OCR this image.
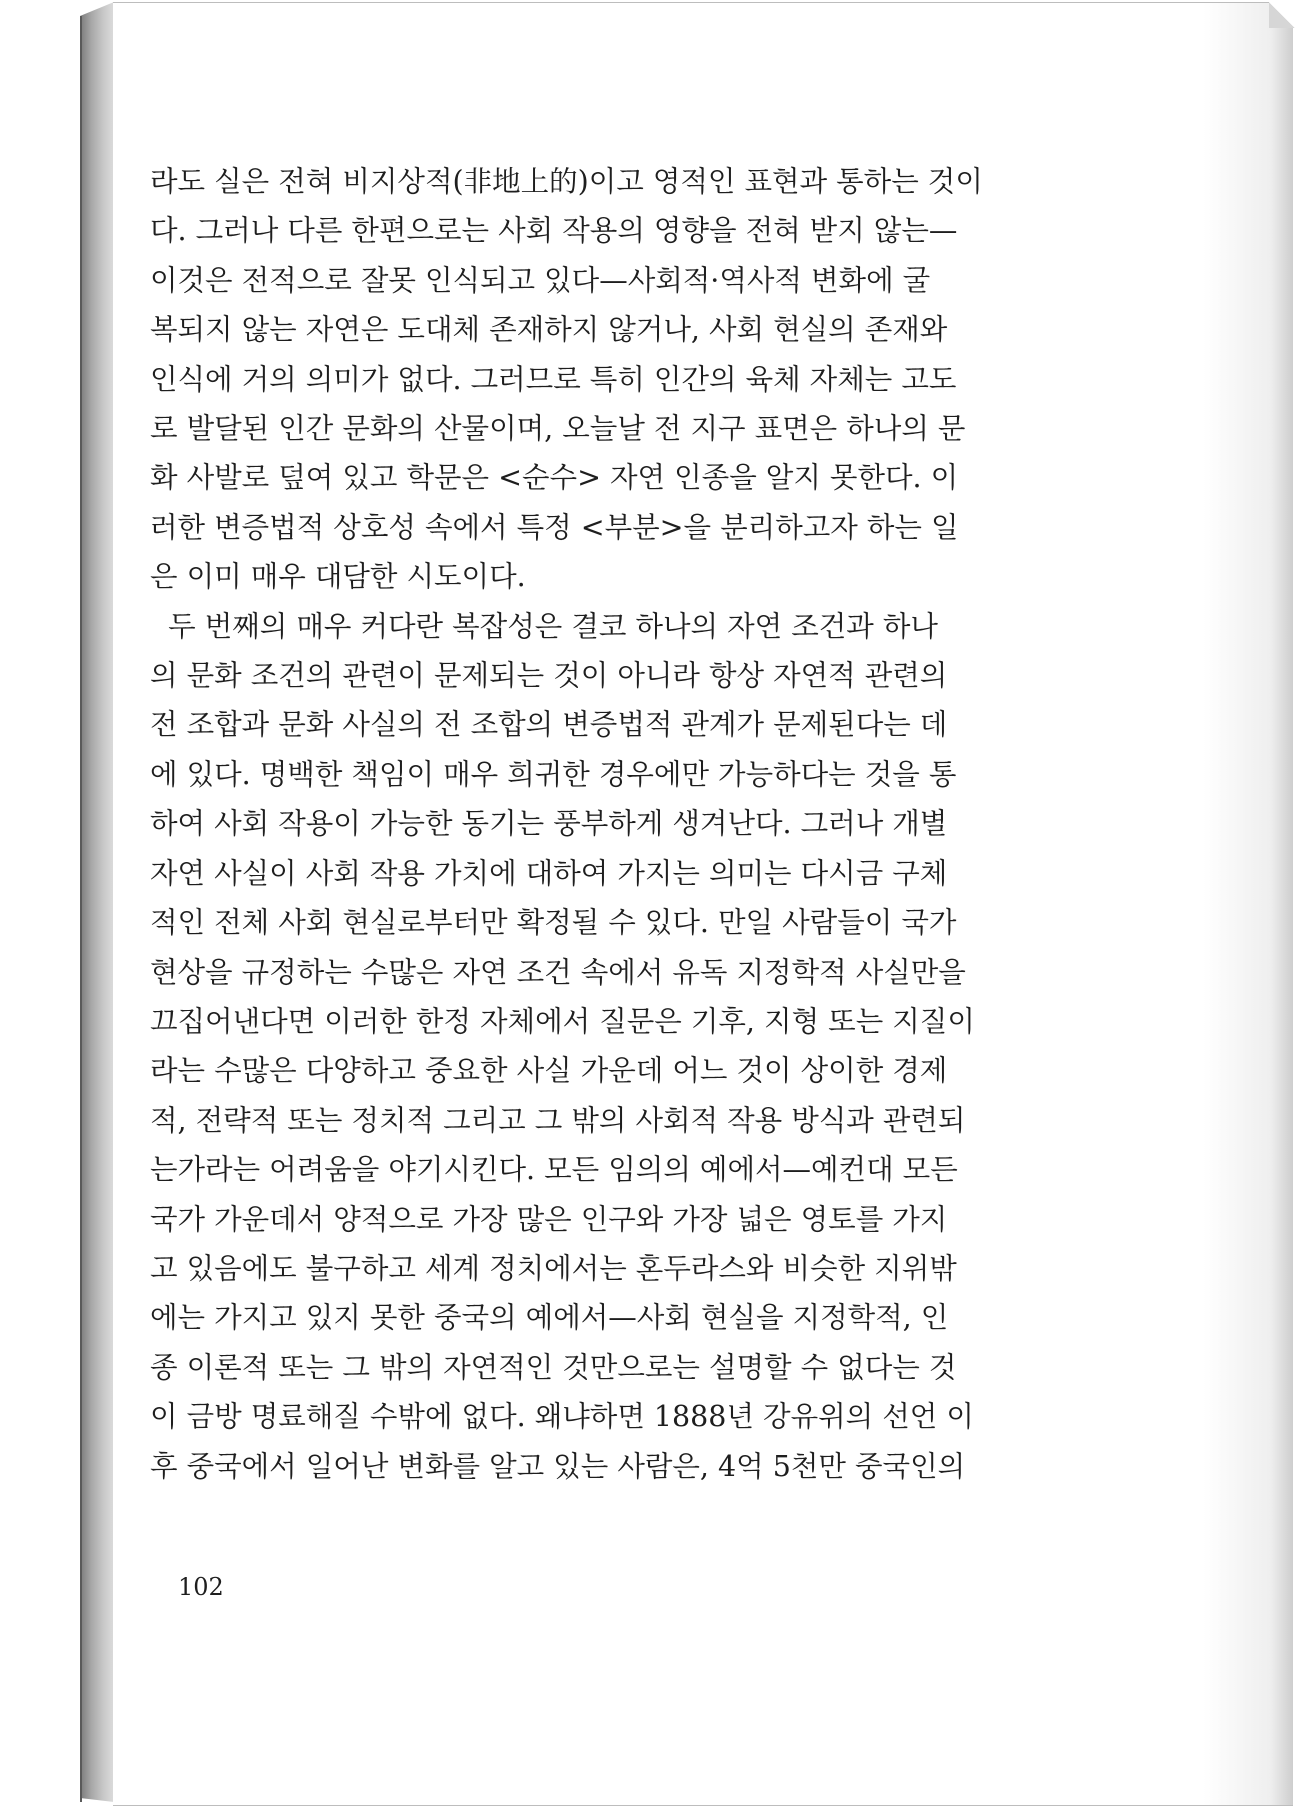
라도 실은 전혀 비지상적(非地上的)이고 영적인 표현과 통하는 것이

다. 그러나 다른 한편으로는 사회 작용의 영향을 전혀 받지 않는—

이것은 전적으로 잘못 인식되고 있다—사회적·역사적 변화에 굴

복되지 않는 자연은 도대체 존재하지 않거나, 사회 현실의 존재와

인식에 거의 의미가 없다. 그러므로 특히 인간의 육체 자체는 고도

로 발달된 인간 문화의 산물이며, 오늘날 전 지구 표면은 하나의 문

화 사발로 덮여 있고 학문은 <순수> 자연 인종을 알지 못한다. 이

러한 변증법적 상호성 속에서 특정 <부분>을 분리하고자 하는 일

은 이미 매우 대담한 시도이다.

두 번째의 매우 커다란 복잡성은 결코 하나의 자연 조건과 하나

의 문화 조건의 관련이 문제되는 것이 아니라 항상 자연적 관련의

전 조합과 문화 사실의 전 조합의 변증법적 관계가 문제된다는 데

에 있다. 명백한 책임이 매우 희귀한 경우에만 가능하다는 것을 통

하여 사회 작용이 가능한 동기는 풍부하게 생겨난다. 그러나 개별

자연 사실이 사회 작용 가치에 대하여 가지는 의미는 다시금 구체

적인 전체 사회 현실로부터만 확정될 수 있다. 만일 사람들이 국가

현상을 규정하는 수많은 자연 조건 속에서 유독 지정학적 사실만을

끄집어낸다면 이러한 한정 자체에서 질문은 기후, 지형 또는 지질이

라는 수많은 다양하고 중요한 사실 가운데 어느 것이 상이한 경제

적, 전략적 또는 정치적 그리고 그 밖의 사회적 작용 방식과 관련되

는가라는 어려움을 야기시킨다. 모든 임의의 예에서—예컨대 모든

국가 가운데서 양적으로 가장 많은 인구와 가장 넓은 영토를 가지

고 있음에도 불구하고 세계 정치에서는 혼두라스와 비슷한 지위밖

에는 가지고 있지 못한 중국의 예에서—사회 현실을 지정학적, 인

종 이론적 또는 그 밖의 자연적인 것만으로는 설명할 수 없다는 것

이 금방 명료해질 수밖에 없다. 왜냐하면 1888년 강유위의 선언 이

후 중국에서 일어난 변화를 알고 있는 사람은, 4억 5천만 중국인의

102
